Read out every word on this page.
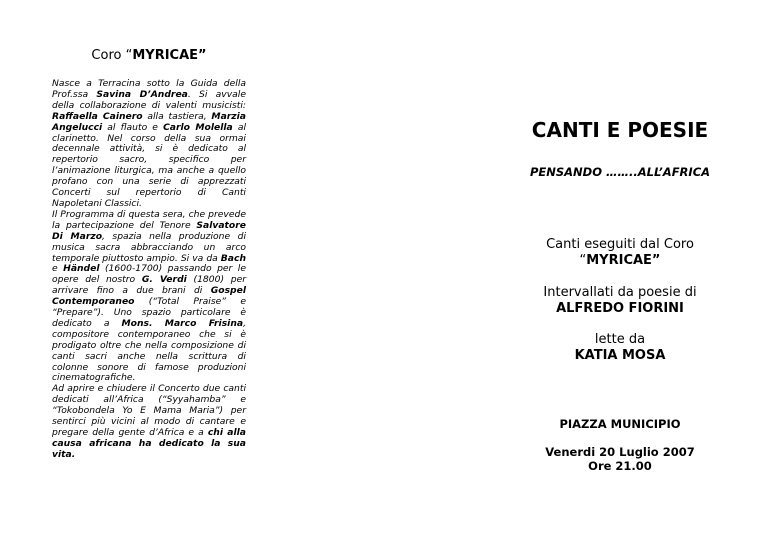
Coro “MYRICAE”

Nasce a Terracina sotto la Guida della Prof.ssa Savina D’Andrea. Si avvale della collaborazione di valenti musicisti: Raffaella Cainero alla tastiera, Marzia Angelucci al flauto e Carlo Molella al clarinetto. Nel corso della sua ormai decennale attività, si è dedicato al repertorio sacro, specifico per l’animazione liturgica, ma anche a quello profano con una serie di apprezzati Concerti sul repertorio di Canti Napoletani Classici.

Il Programma di questa sera, che prevede la partecipazione del Tenore Salvatore Di Marzo, spazia nella produzione di musica sacra abbracciando un arco temporale piuttosto ampio. Si va da Bach e Händel (1600-1700) passando per le opere del nostro G. Verdi (1800) per arrivare fino a due brani di Gospel Contemporaneo (“Total Praise” e “Prepare”). Uno spazio particolare è dedicato a Mons. Marco Frisina, compositore contemporaneo che si è prodigato oltre che nella composizione di canti sacri anche nella scrittura di colonne sonore di famose produzioni cinematografiche.

Ad aprire e chiudere il Concerto due canti dedicati all’Africa (“Syyahamba” e “Tokobondela Yo E Mama Maria”) per sentirci più vicini al modo di cantare e pregare della gente d’Africa e a chi alla causa africana ha dedicato la sua vita.

CANTI E POESIE
PENSANDO ……..ALL’AFRICA
Canti eseguiti dal Coro
“MYRICAE”
Intervallati da poesie di
ALFREDO FIORINI
lette da
KATIA MOSA
PIAZZA MUNICIPIO
Venerdi 20 Luglio 2007
Ore 21.00
